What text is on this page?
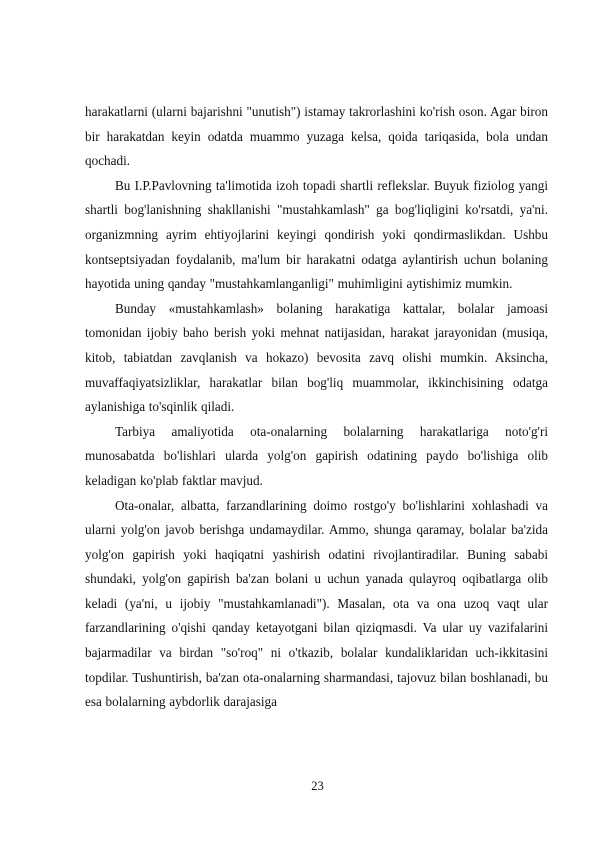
harakatlarni (ularni bajarishni "unutish") istamay takrorlashini ko'rish oson. Agar biron bir harakatdan keyin odatda muammo yuzaga kelsa, qoida tariqasida, bola undan qochadi.

Bu I.P.Pavlovning ta'limotida izoh topadi shartli reflekslar. Buyuk fiziolog yangi shartli bog'lanishning shakllanishi "mustahkamlash" ga bog'liqligini ko'rsatdi, ya'ni. organizmning ayrim ehtiyojlarini keyingi qondirish yoki qondirmaslikdan. Ushbu kontseptsiyadan foydalanib, ma'lum bir harakatni odatga aylantirish uchun bolaning hayotida uning qanday "mustahkamlanganligi" muhimligini aytishimiz mumkin.

Bunday «mustahkamlash» bolaning harakatiga kattalar, bolalar jamoasi tomonidan ijobiy baho berish yoki mehnat natijasidan, harakat jarayonidan (musiqa, kitob, tabiatdan zavqlanish va hokazo) bevosita zavq olishi mumkin. Aksincha, muvaffaqiyatsizliklar, harakatlar bilan bog'liq muammolar, ikkinchisining odatga aylanishiga to'sqinlik qiladi.

Tarbiya amaliyotida ota-onalarning bolalarning harakatlariga noto'g'ri munosabatda bo'lishlari ularda yolg'on gapirish odatining paydo bo'lishiga olib keladigan ko'plab faktlar mavjud.

Ota-onalar, albatta, farzandlarining doimo rostgo'y bo'lishlarini xohlashadi va ularni yolg'on javob berishga undamaydilar. Ammo, shunga qaramay, bolalar ba'zida yolg'on gapirish yoki haqiqatni yashirish odatini rivojlantiradilar. Buning sababi shundaki, yolg'on gapirish ba'zan bolani u uchun yanada qulayroq oqibatlarga olib keladi (ya'ni, u ijobiy "mustahkamlanadi"). Masalan, ota va ona uzoq vaqt ular farzandlarining o'qishi qanday ketayotgani bilan qiziqmasdi. Va ular uy vazifalarini bajarmadilar va birdan "so'roq" ni o'tkazib, bolalar kundaliklaridan uch-ikkitasini topdilar. Tushuntirish, ba'zan ota-onalarning sharmandasi, tajovuz bilan boshlanadi, bu esa bolalarning aybdorlik darajasiga

23
